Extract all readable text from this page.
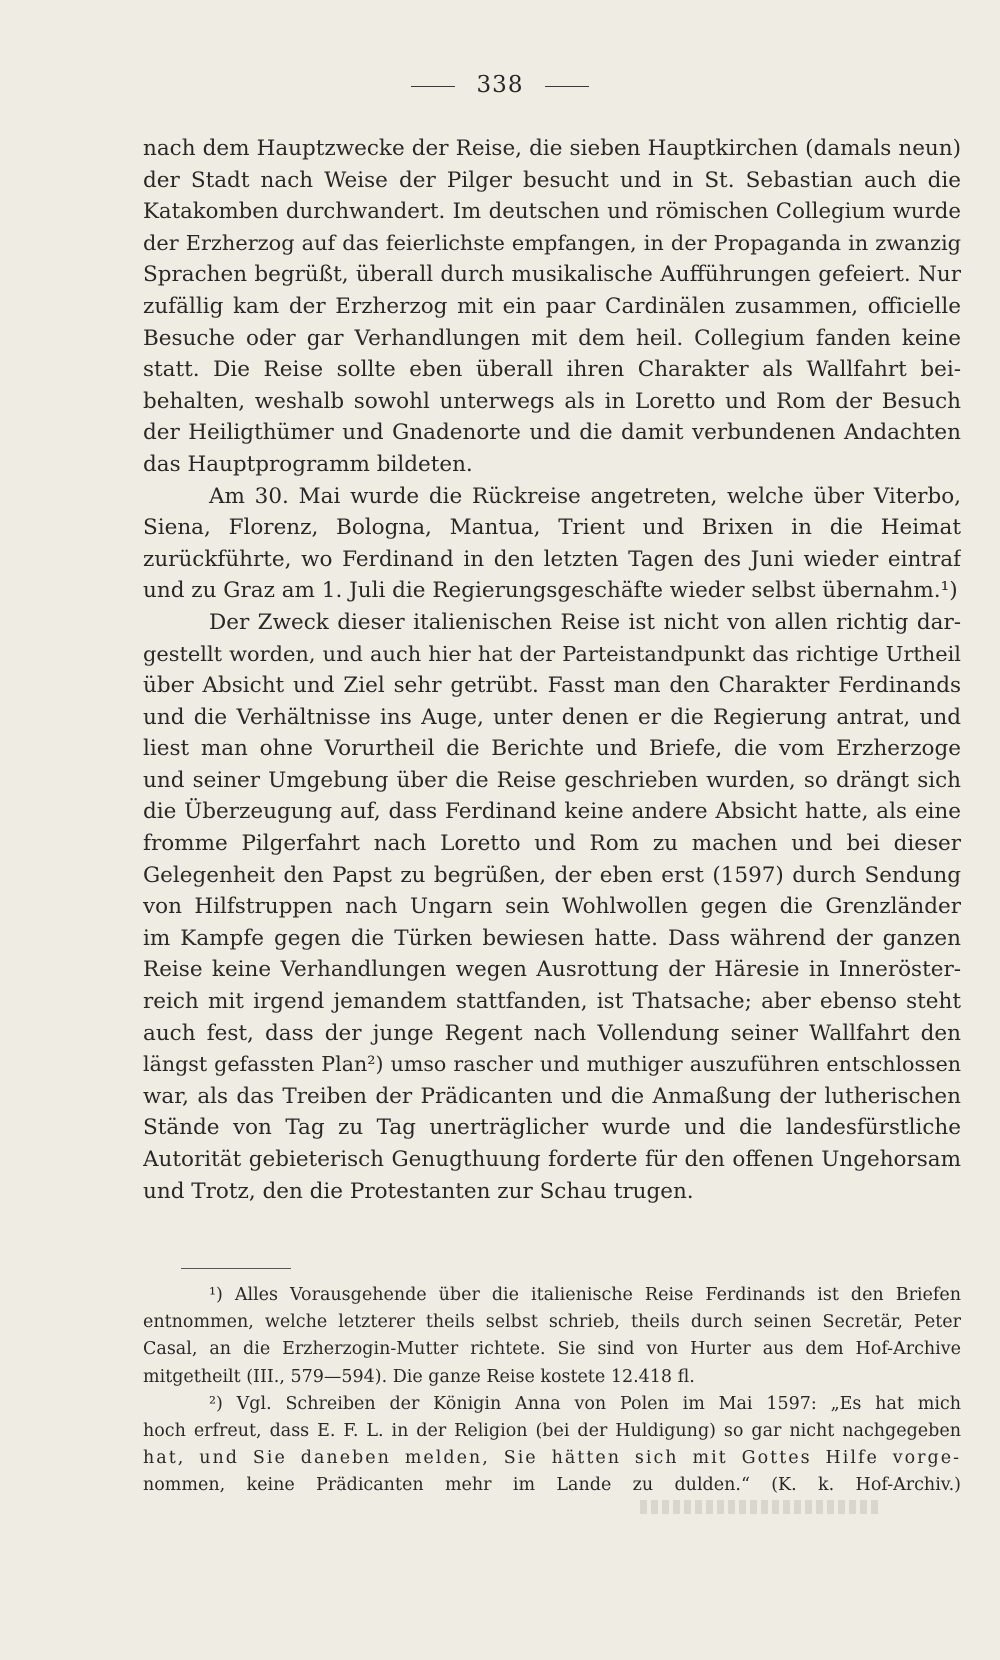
338
nach dem Hauptzwecke der Reise, die sieben Hauptkirchen (damals neun)
der Stadt nach Weise der Pilger besucht und in St. Sebastian auch die
Katakomben durchwandert. Im deutschen und römischen Collegium wurde
der Erzherzog auf das feierlichste empfangen, in der Propaganda in zwanzig
Sprachen begrüßt, überall durch musikalische Aufführungen gefeiert. Nur
zufällig kam der Erzherzog mit ein paar Cardinälen zusammen, officielle
Besuche oder gar Verhandlungen mit dem heil. Collegium fanden keine
statt. Die Reise sollte eben überall ihren Charakter als Wallfahrt bei-
behalten, weshalb sowohl unterwegs als in Loretto und Rom der Besuch
der Heiligthümer und Gnadenorte und die damit verbundenen Andachten
das Hauptprogramm bildeten.
Am 30. Mai wurde die Rückreise angetreten, welche über Viterbo,
Siena, Florenz, Bologna, Mantua, Trient und Brixen in die Heimat
zurückführte, wo Ferdinand in den letzten Tagen des Juni wieder eintraf
und zu Graz am 1. Juli die Regierungsgeschäfte wieder selbst übernahm.¹)
Der Zweck dieser italienischen Reise ist nicht von allen richtig dar-
gestellt worden, und auch hier hat der Parteistandpunkt das richtige Urtheil
über Absicht und Ziel sehr getrübt. Fasst man den Charakter Ferdinands
und die Verhältnisse ins Auge, unter denen er die Regierung antrat, und
liest man ohne Vorurtheil die Berichte und Briefe, die vom Erzherzoge
und seiner Umgebung über die Reise geschrieben wurden, so drängt sich
die Überzeugung auf, dass Ferdinand keine andere Absicht hatte, als eine
fromme Pilgerfahrt nach Loretto und Rom zu machen und bei dieser
Gelegenheit den Papst zu begrüßen, der eben erst (1597) durch Sendung
von Hilfstruppen nach Ungarn sein Wohlwollen gegen die Grenzländer
im Kampfe gegen die Türken bewiesen hatte. Dass während der ganzen
Reise keine Verhandlungen wegen Ausrottung der Häresie in Inneröster-
reich mit irgend jemandem stattfanden, ist Thatsache; aber ebenso steht
auch fest, dass der junge Regent nach Vollendung seiner Wallfahrt den
längst gefassten Plan²) umso rascher und muthiger auszuführen entschlossen
war, als das Treiben der Prädicanten und die Anmaßung der lutherischen
Stände von Tag zu Tag unerträglicher wurde und die landesfürstliche
Autorität gebieterisch Genugthuung forderte für den offenen Ungehorsam
und Trotz, den die Protestanten zur Schau trugen.
¹) Alles Vorausgehende über die italienische Reise Ferdinands ist den Briefen
entnommen, welche letzterer theils selbst schrieb, theils durch seinen Secretär, Peter
Casal, an die Erzherzogin-Mutter richtete. Sie sind von Hurter aus dem Hof-Archive
mitgetheilt (III., 579—594). Die ganze Reise kostete 12.418 fl.
²) Vgl. Schreiben der Königin Anna von Polen im Mai 1597: „Es hat mich
hoch erfreut, dass E. F. L. in der Religion (bei der Huldigung) so gar nicht nachgegeben
hat, und Sie daneben melden, Sie hätten sich mit Gottes Hilfe vorge-
nommen, keine Prädicanten mehr im Lande zu dulden.“ (K. k. Hof-Archiv.)
